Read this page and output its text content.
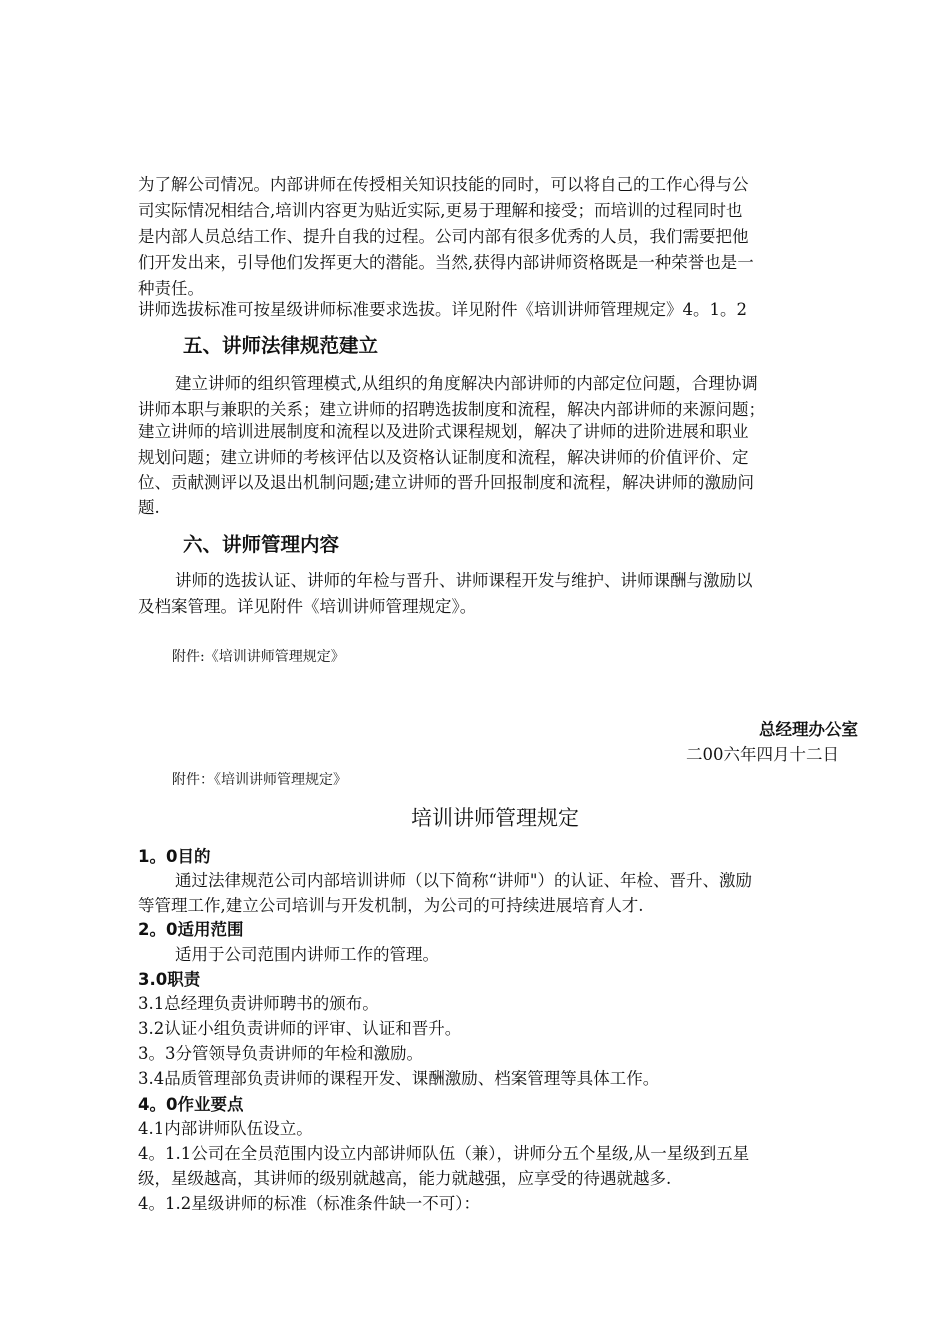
为了解公司情况。内部讲师在传授相关知识技能的同时，可以将自己的工作心得与公
司实际情况相结合,培训内容更为贴近实际,更易于理解和接受；而培训的过程同时也
是内部人员总结工作、提升自我的过程。公司内部有很多优秀的人员，我们需要把他
们开发出来，引导他们发挥更大的潜能。当然,获得内部讲师资格既是一种荣誉也是一
种责任。
讲师选拔标准可按星级讲师标准要求选拔。详见附件《培训讲师管理规定》4。1。2
五、讲师法律规范建立
建立讲师的组织管理模式,从组织的角度解决内部讲师的内部定位问题，合理协调
讲师本职与兼职的关系；建立讲师的招聘选拔制度和流程，解决内部讲师的来源问题；
建立讲师的培训进展制度和流程以及进阶式课程规划，解决了讲师的进阶进展和职业
规划问题；建立讲师的考核评估以及资格认证制度和流程，解决讲师的价值评价、定
位、贡献测评以及退出机制问题;建立讲师的晋升回报制度和流程，解决讲师的激励问
题.
六、讲师管理内容
讲师的选拔认证、讲师的年检与晋升、讲师课程开发与维护、讲师课酬与激励以
及档案管理。详见附件《培训讲师管理规定》。
附件:《培训讲师管理规定》
总经理办公室
二00六年四月十二日
附件：《培训讲师管理规定》
培训讲师管理规定
1。0目的
通过法律规范公司内部培训讲师（以下简称“讲师"）的认证、年检、晋升、激励
等管理工作,建立公司培训与开发机制，为公司的可持续进展培育人才.
2。0适用范围
适用于公司范围内讲师工作的管理。
3.0职责
3.1总经理负责讲师聘书的颁布。
3.2认证小组负责讲师的评审、认证和晋升。
3。3分管领导负责讲师的年检和激励。
3.4品质管理部负责讲师的课程开发、课酬激励、档案管理等具体工作。
4。0作业要点
4.1内部讲师队伍设立。
4。1.1公司在全员范围内设立内部讲师队伍（兼），讲师分五个星级,从一星级到五星
级，星级越高，其讲师的级别就越高，能力就越强，应享受的待遇就越多.
4。1.2星级讲师的标准（标准条件缺一不可）：
